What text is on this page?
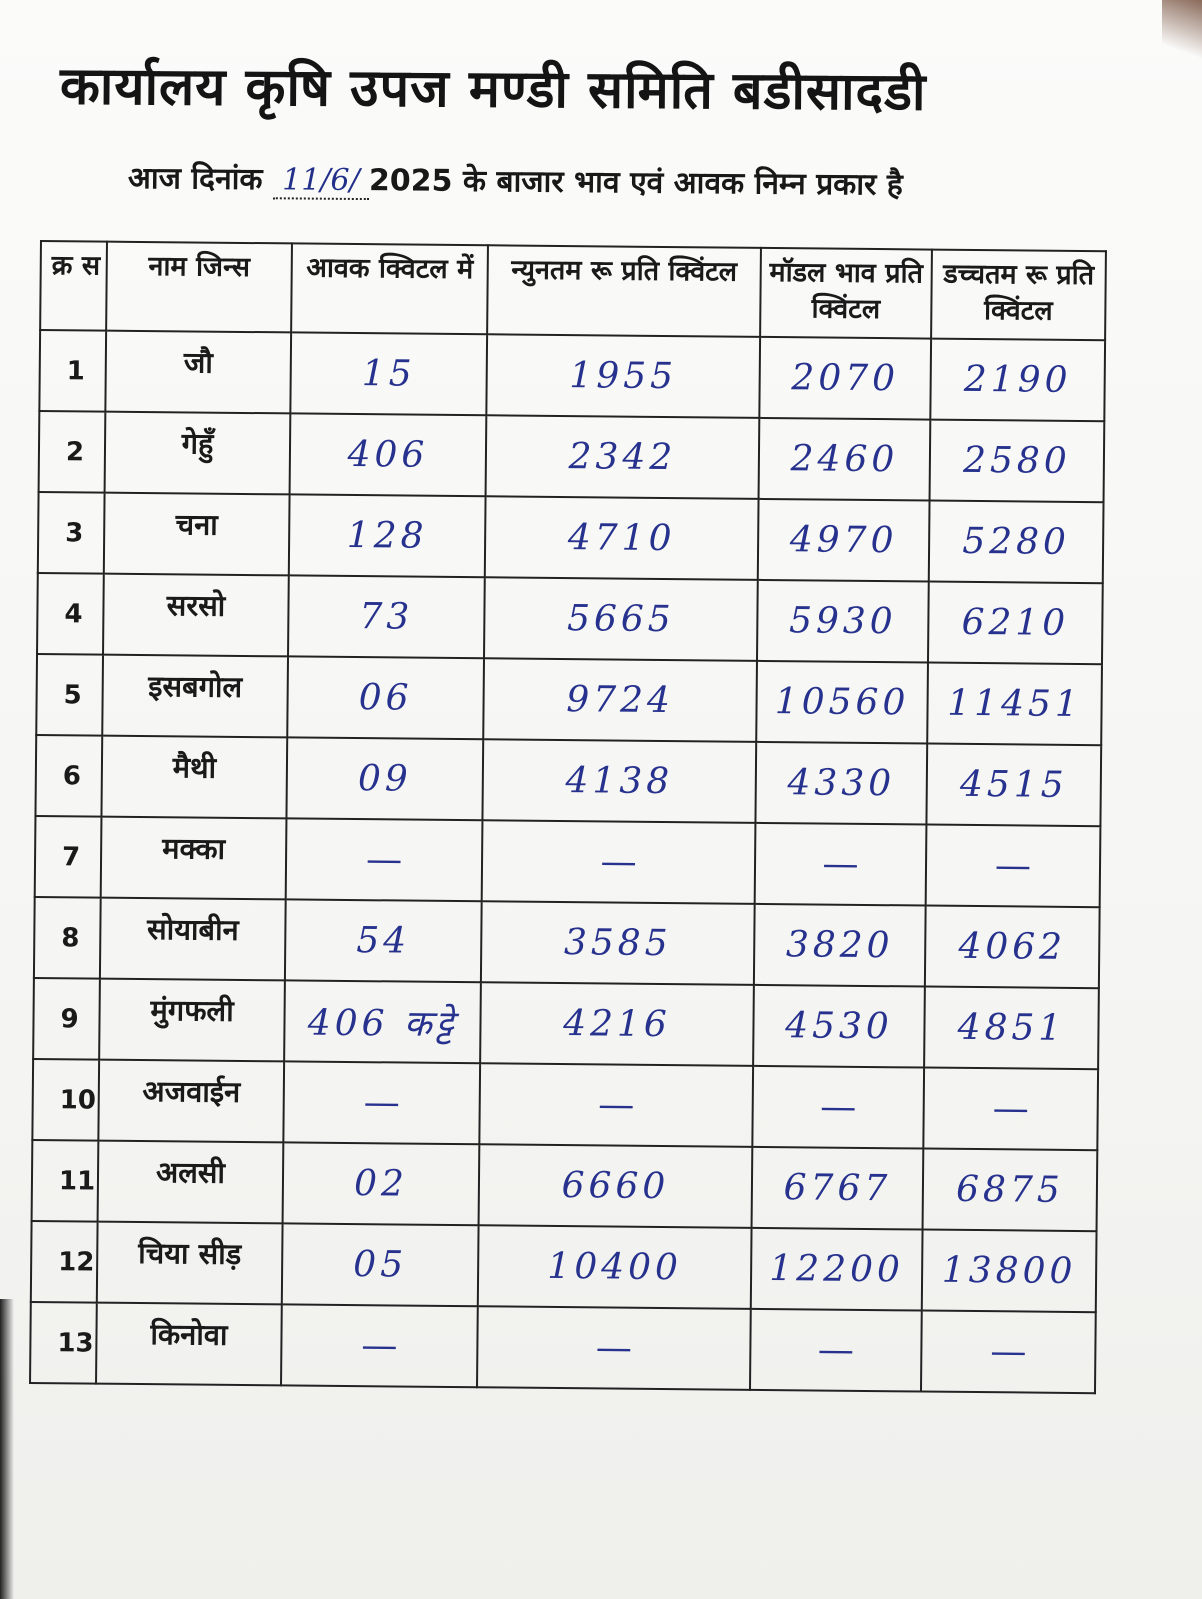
कार्यालय कृषि उपज मण्डी समिति बडीसादडी
आज दिनांक 11/6/ 2025 के बाजार भाव एवं आवक निम्न प्रकार है
क्र स	नाम जिन्स	आवक क्विटल में	न्युनतम रू प्रति क्विंटल	मॉडल भाव प्रति क्विंटल	डच्चतम रू प्रति क्विंटल
1	जौ	15	1955	2070	2190
2	गेहुँ	406	2342	2460	2580
3	चना	128	4710	4970	5280
4	सरसो	73	5665	5930	6210
5	इसबगोल	06	9724	10560	11451
6	मैथी	09	4138	4330	4515
7	मक्का	—	—	—	—
8	सोयाबीन	54	3585	3820	4062
9	मुंगफली	406 कट्टे	4216	4530	4851
10	अजवाईन	—	—	—	—
11	अलसी	02	6660	6767	6875
12	चिया सीड़	05	10400	12200	13800
13	किनोवा	—	—	—	—
